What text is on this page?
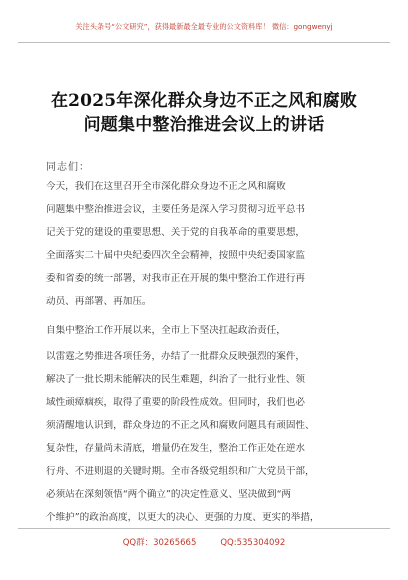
关注头条号“公文研究”，获得最新最全最专业的公文资料库！ 微信：gongwenyj
在2025年深化群众身边不正之风和腐败
问题集中整治推进会议上的讲话
同志们：
今天，我们在这里召开全市深化群众身边不正之风和腐败
问题集中整治推进会议，主要任务是深入学习贯彻习近平总书
记关于党的建设的重要思想、关于党的自我革命的重要思想，
全面落实二十届中央纪委四次全会精神，按照中央纪委国家监
委和省委的统一部署，对我市正在开展的集中整治工作进行再
动员、再部署、再加压。
自集中整治工作开展以来，全市上下坚决扛起政治责任，
以雷霆之势推进各项任务，办结了一批群众反映强烈的案件，
解决了一批长期未能解决的民生难题，纠治了一批行业性、领
域性顽瘴痼疾，取得了重要的阶段性成效。但同时，我们也必
须清醒地认识到，群众身边的不正之风和腐败问题具有顽固性、
复杂性，存量尚未清底，增量仍在发生，整治工作正处在逆水
行舟、不进则退的关键时期。全市各级党组织和广大党员干部，
必须站在深刻领悟“两个确立”的决定性意义、坚决做到“两
个维护”的政治高度，以更大的决心、更强的力度、更实的举措，
QQ群：30265665	QQ:535304092
